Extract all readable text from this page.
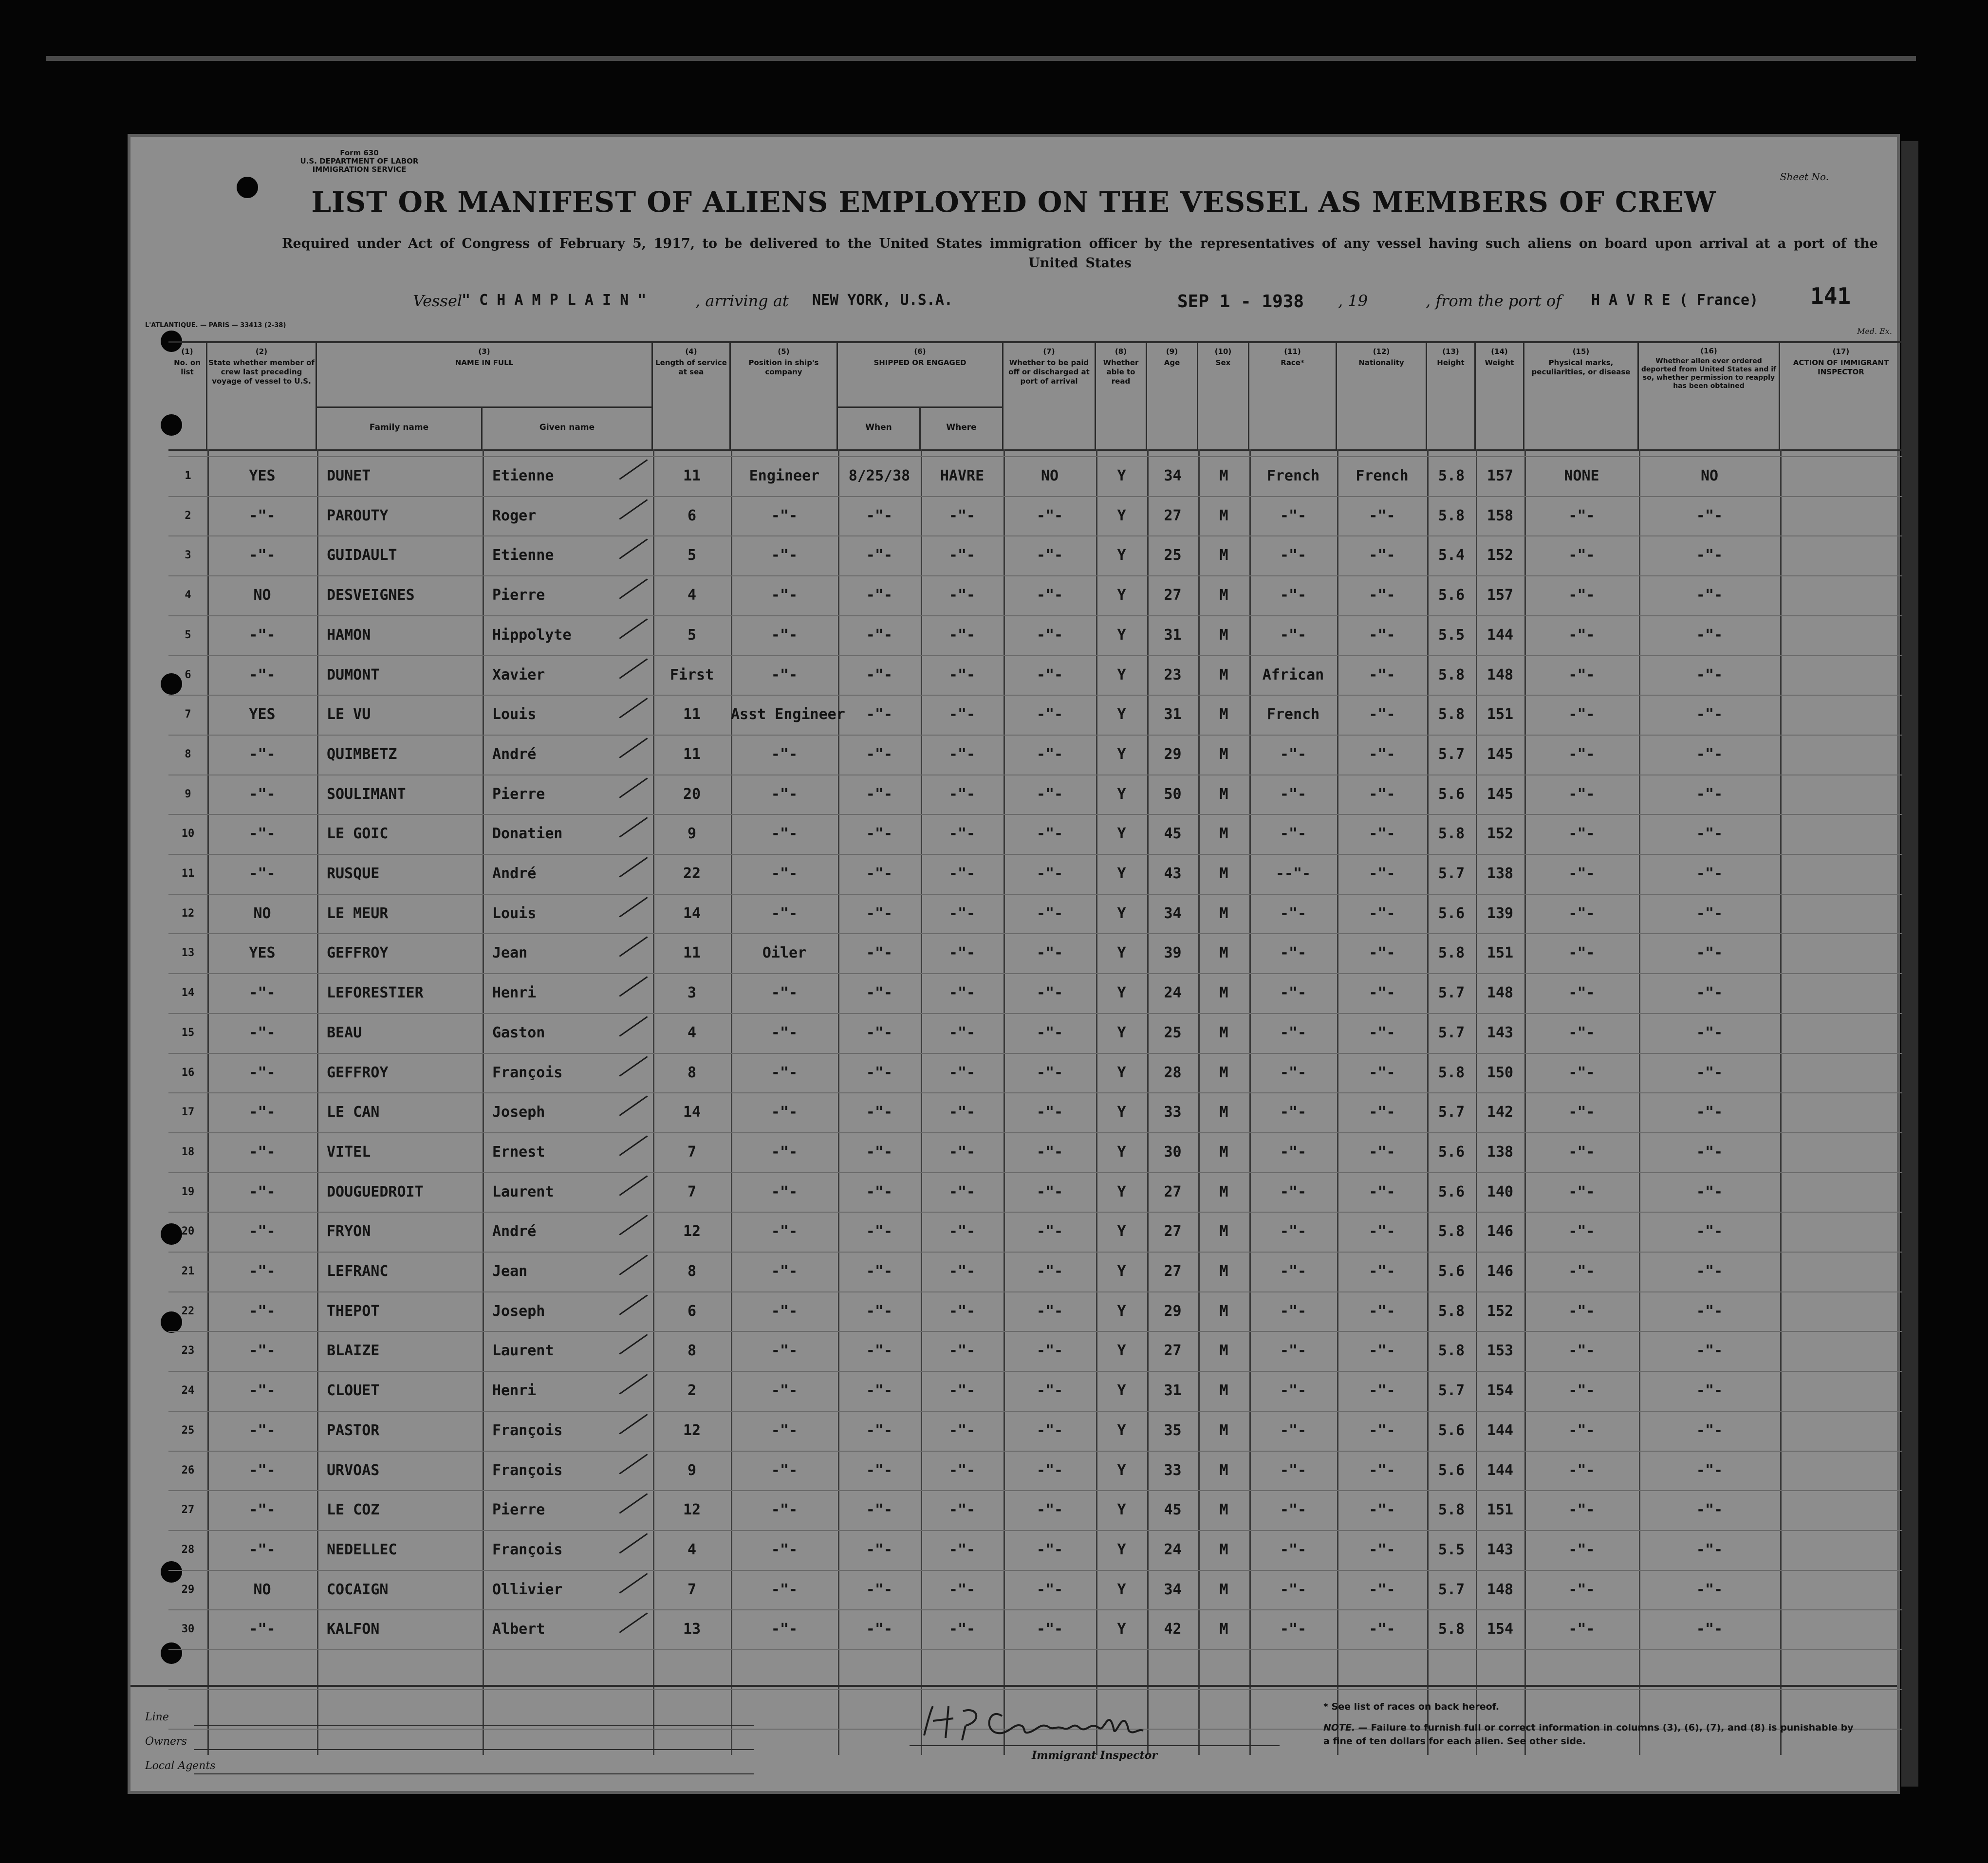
Form 630
U.S. DEPARTMENT OF LABOR
IMMIGRATION SERVICE
Sheet No.
LIST OR MANIFEST OF ALIENS EMPLOYED ON THE VESSEL AS MEMBERS OF CREW
Required under Act of Congress of February 5, 1917, to be delivered to the United States immigration officer by the representatives of any vessel having such aliens on board upon arrival at a port of the United States
Vessel
" C H A M P L A I N "	, arriving at NEW YORK, U.S.A.	SEP 1 - 1938 , 19	, from the port of H A V R E ( France) 141
L'ATLANTIQUE. — PARIS — 33413 (2-38)
Med. Ex.
(1)
No. on list
(2)
State whether member of crew last preceding voyage of vessel to U.S.
(3)
NAME IN FULL
Family name	Given name
(4)
Length of service at sea
(5)
Position in ship's company
(6)
SHIPPED OR ENGAGED
When	Where
(7)
Whether to be paid off or discharged at port of arrival
(8)
Whether able to read
(9)
Age
(10)
Sex
(11)
Race*
(12)
Nationality
(13)
Height
(14)
Weight
(15)
Physical marks, peculiarities, or disease
(16)
Whether alien ever ordered deported from United States and if so, whether permission to reapply has been obtained
(17)
ACTION OF IMMIGRANT INSPECTOR
1	YES	DUNET	Etienne	11	Engineer	8/25/38	HAVRE	NO	Y	34	M	French	French	5.8	157	NONE	NO
2	-"-	PAROUTY	Roger	6	-"-	-"-	-"-	-"-	Y	27	M	-"-	-"-	5.8	158	-"-	-"-
3	-"-	GUIDAULT	Etienne	5	-"-	-"-	-"-	-"-	Y	25	M	-"-	-"-	5.4	152	-"-	-"-
4	NO	DESVEIGNES	Pierre	4	-"-	-"-	-"-	-"-	Y	27	M	-"-	-"-	5.6	157	-"-	-"-
5	-"-	HAMON	Hippolyte	5	-"-	-"-	-"-	-"-	Y	31	M	-"-	-"-	5.5	144	-"-	-"-
6	-"-	DUMONT	Xavier	First	-"-	-"-	-"-	-"-	Y	23	M	African	-"-	5.8	148	-"-	-"-
7	YES	LE VU	Louis	11	Asst Engineer	-"-	-"-	-"-	Y	31	M	French	-"-	5.8	151	-"-	-"-
8	-"-	QUIMBETZ	André	11	-"-	-"-	-"-	-"-	Y	29	M	-"-	-"-	5.7	145	-"-	-"-
9	-"-	SOULIMANT	Pierre	20	-"-	-"-	-"-	-"-	Y	50	M	-"-	-"-	5.6	145	-"-	-"-
10	-"-	LE GOIC	Donatien	9	-"-	-"-	-"-	-"-	Y	45	M	-"-	-"-	5.8	152	-"-	-"-
11	-"-	RUSQUE	André	22	-"-	-"-	-"-	-"-	Y	43	M	--"-	-"-	5.7	138	-"-	-"-
12	NO	LE MEUR	Louis	14	-"-	-"-	-"-	-"-	Y	34	M	-"-	-"-	5.6	139	-"-	-"-
13	YES	GEFFROY	Jean	11	Oiler	-"-	-"-	-"-	Y	39	M	-"-	-"-	5.8	151	-"-	-"-
14	-"-	LEFORESTIER	Henri	3	-"-	-"-	-"-	-"-	Y	24	M	-"-	-"-	5.7	148	-"-	-"-
15	-"-	BEAU	Gaston	4	-"-	-"-	-"-	-"-	Y	25	M	-"-	-"-	5.7	143	-"-	-"-
16	-"-	GEFFROY	François	8	-"-	-"-	-"-	-"-	Y	28	M	-"-	-"-	5.8	150	-"-	-"-
17	-"-	LE CAN	Joseph	14	-"-	-"-	-"-	-"-	Y	33	M	-"-	-"-	5.7	142	-"-	-"-
18	-"-	VITEL	Ernest	7	-"-	-"-	-"-	-"-	Y	30	M	-"-	-"-	5.6	138	-"-	-"-
19	-"-	DOUGUEDROIT	Laurent	7	-"-	-"-	-"-	-"-	Y	27	M	-"-	-"-	5.6	140	-"-	-"-
20	-"-	FRYON	André	12	-"-	-"-	-"-	-"-	Y	27	M	-"-	-"-	5.8	146	-"-	-"-
21	-"-	LEFRANC	Jean	8	-"-	-"-	-"-	-"-	Y	27	M	-"-	-"-	5.6	146	-"-	-"-
22	-"-	THEPOT	Joseph	6	-"-	-"-	-"-	-"-	Y	29	M	-"-	-"-	5.8	152	-"-	-"-
23	-"-	BLAIZE	Laurent	8	-"-	-"-	-"-	-"-	Y	27	M	-"-	-"-	5.8	153	-"-	-"-
24	-"-	CLOUET	Henri	2	-"-	-"-	-"-	-"-	Y	31	M	-"-	-"-	5.7	154	-"-	-"-
25	-"-	PASTOR	François	12	-"-	-"-	-"-	-"-	Y	35	M	-"-	-"-	5.6	144	-"-	-"-
26	-"-	URVOAS	François	9	-"-	-"-	-"-	-"-	Y	33	M	-"-	-"-	5.6	144	-"-	-"-
27	-"-	LE COZ	Pierre	12	-"-	-"-	-"-	-"-	Y	45	M	-"-	-"-	5.8	151	-"-	-"-
28	-"-	NEDELLEC	François	4	-"-	-"-	-"-	-"-	Y	24	M	-"-	-"-	5.5	143	-"-	-"-
29	NO	COCAIGN	Ollivier	7	-"-	-"-	-"-	-"-	Y	34	M	-"-	-"-	5.7	148	-"-	-"-
30	-"-	KALFON	Albert	13	-"-	-"-	-"-	-"-	Y	42	M	-"-	-"-	5.8	154	-"-	-"-
Line
Owners
Local Agents
Immigrant Inspector
* See list of races on back hereof.
NOTE. — Failure to furnish full or correct information in columns (3), (6), (7), and (8) is punishable by a fine of ten dollars for each alien. See other side.
